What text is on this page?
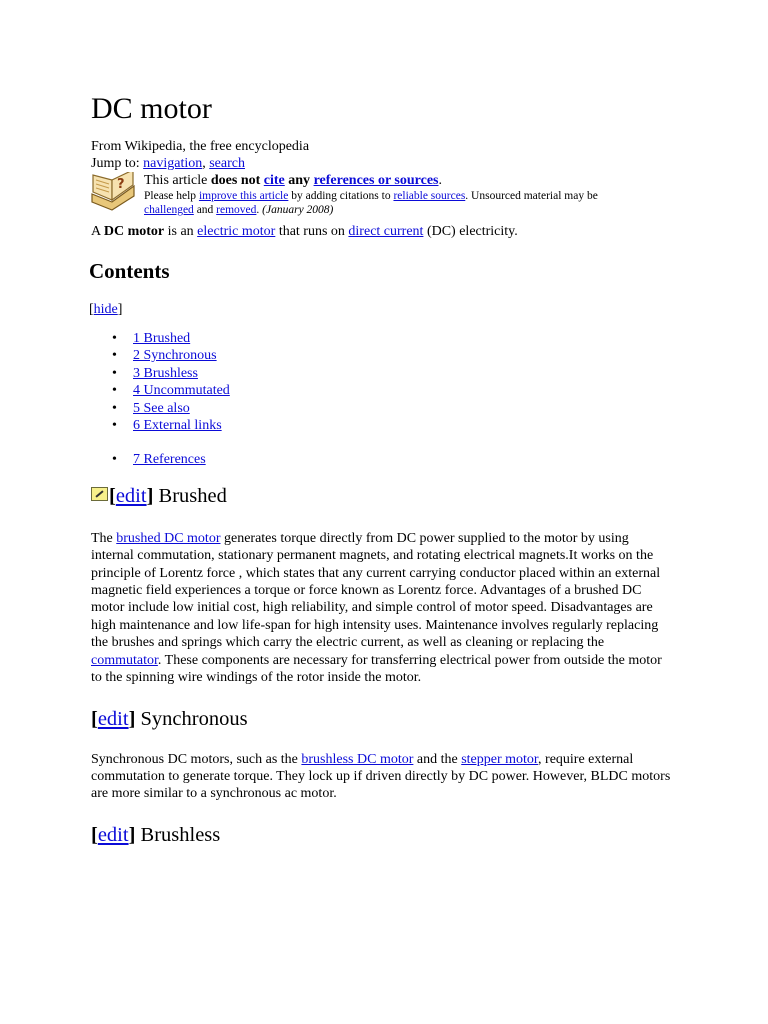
DC motor
From Wikipedia, the free encyclopedia
Jump to: navigation, search
? This article does not cite any references or sources.
Please help improve this article by adding citations to reliable sources. Unsourced material may be
challenged and removed. (January 2008)
A DC motor is an electric motor that runs on direct current (DC) electricity.
Contents
[hide]
• 1 Brushed
• 2 Synchronous
• 3 Brushless
• 4 Uncommutated
• 5 See also
• 6 External links
• 7 References
[edit] Brushed

The brushed DC motor generates torque directly from DC power supplied to the motor by using internal commutation, stationary permanent magnets, and rotating electrical magnets.It works on the principle of Lorentz force , which states that any current carrying conductor placed within an external magnetic field experiences a torque or force known as Lorentz force. Advantages of a brushed DC motor include low initial cost, high reliability, and simple control of motor speed. Disadvantages are high maintenance and low life-span for high intensity uses. Maintenance involves regularly replacing the brushes and springs which carry the electric current, as well as cleaning or replacing the commutator. These components are necessary for transferring electrical power from outside the motor to the spinning wire windings of the rotor inside the motor.

[edit] Synchronous

Synchronous DC motors, such as the brushless DC motor and the stepper motor, require external commutation to generate torque. They lock up if driven directly by DC power. However, BLDC motors are more similar to a synchronous ac motor.

[edit] Brushless
